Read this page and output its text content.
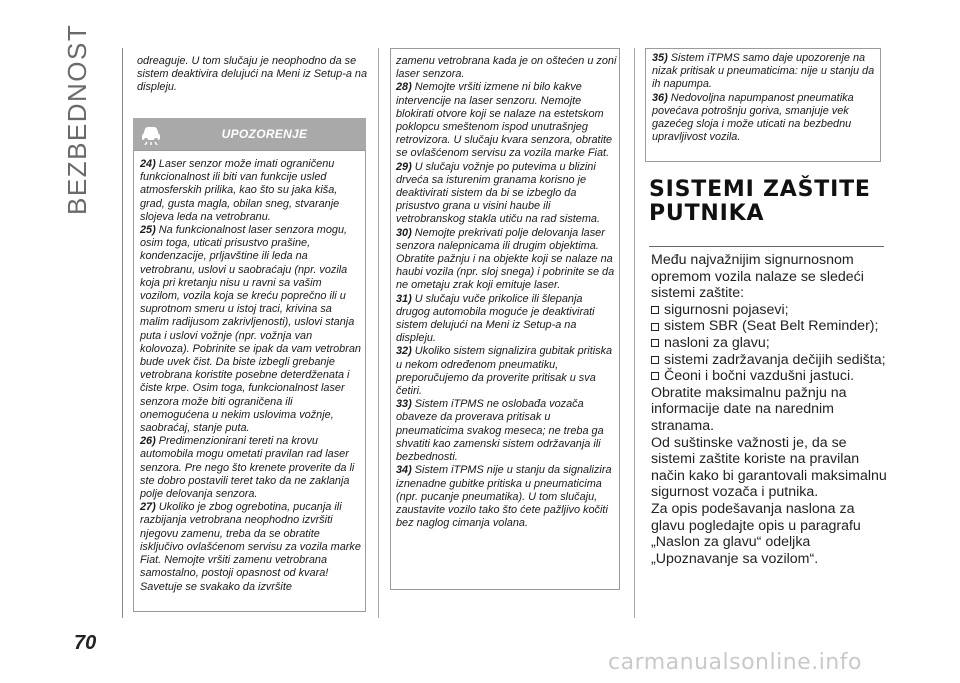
BEZBEDNOST
70
odreaguje. U tom slučaju je neophodno da se sistem deaktivira delujući na Meni iz Setup-a na displeju.
UPOZORENJE

24) Laser senzor može imati ograničenu funkcionalnost ili biti van funkcije usled atmosferskih prilika, kao što su jaka kiša, grad, gusta magla, obilan sneg, stvaranje slojeva leda na vetrobranu.

25) Na funkcionalnost laser senzora mogu, osim toga, uticati prisustvo prašine, kondenzacije, prljavštine ili leda na vetrobranu, uslovi u saobraćaju (npr. vozila koja pri kretanju nisu u ravni sa vašim vozilom, vozila koja se kreću poprečno ili u suprotnom smeru u istoj traci, krivina sa malim radijusom zakrivljenosti), uslovi stanja puta i uslovi vožnje (npr. vožnja van kolovoza). Pobrinite se ipak da vam vetrobran bude uvek čist. Da biste izbegli grebanje vetrobrana koristite posebne deterdženata i čiste krpe. Osim toga, funkcionalnost laser senzora može biti ograničena ili onemogućena u nekim uslovima vožnje, saobraćaj, stanje puta.

26) Predimenzionirani tereti na krovu automobila mogu ometati pravilan rad laser senzora. Pre nego što krenete proverite da li ste dobro postavili teret tako da ne zaklanja polje delovanja senzora.

27) Ukoliko je zbog ogrebotina, pucanja ili razbijanja vetrobrana neophodno izvršiti njegovu zamenu, treba da se obratite isključivo ovlašćenom servisu za vozila marke Fiat. Nemojte vršiti zamenu vetrobrana samostalno, postoji opasnost od kvara! Savetuje se svakako da izvršite

zamenu vetrobrana kada je on oštećen u zoni laser senzora.

28) Nemojte vršiti izmene ni bilo kakve intervencije na laser senzoru. Nemojte blokirati otvore koji se nalaze na estetskom poklopcu smeštenom ispod unutrašnjeg retrovizora. U slučaju kvara senzora, obratite se ovlašćenom servisu za vozila marke Fiat.

29) U slučaju vožnje po putevima u blizini drveća sa isturenim granama korisno je deaktivirati sistem da bi se izbeglo da prisustvo grana u visini haube ili vetrobranskog stakla utiču na rad sistema.

30) Nemojte prekrivati polje delovanja laser senzora nalepnicama ili drugim objektima. Obratite pažnju i na objekte koji se nalaze na haubi vozila (npr. sloj snega) i pobrinite se da ne ometaju zrak koji emituje laser.

31) U slučaju vuče prikolice ili šlepanja drugog automobila moguće je deaktivirati sistem delujući na Meni iz Setup-a na displeju.

32) Ukoliko sistem signalizira gubitak pritiska u nekom određenom pneumatiku, preporučujemo da proverite pritisak u sva četiri.

33) Sistem iTPMS ne oslobađa vozača obaveze da proverava pritisak u pneumaticima svakog meseca; ne treba ga shvatiti kao zamenski sistem održavanja ili bezbednosti.

34) Sistem iTPMS nije u stanju da signalizira iznenadne gubitke pritiska u pneumaticima (npr. pucanje pneumatika). U tom slučaju, zaustavite vozilo tako što ćete pažljivo kočiti bez naglog cimanja volana.

35) Sistem iTPMS samo daje upozorenje na nizak pritisak u pneumaticima: nije u stanju da ih napumpa.

36) Nedovoljna napumpanost pneumatika povećava potrošnju goriva, smanjuje vek gazećeg sloja i može uticati na bezbednu upravljivost vozila.

SISTEMI ZAŠTITE
PUTNIKA
Među najvažnijim signurnosnom opremom vozila nalaze se sledeći sistemi zaštite:
sigurnosni pojasevi;
sistem SBR (Seat Belt Reminder);
nasloni za glavu;
sistemi zadržavanja dečijih sedišta;
Čeoni i bočni vazdušni jastuci.
Obratite maksimalnu pažnju na informacije date na narednim stranama.
Od suštinske važnosti je, da se sistemi zaštite koriste na pravilan način kako bi garantovali maksimalnu sigurnost vozača i putnika.
Za opis podešavanja naslona za glavu pogledajte opis u paragrafu „Naslon za glavu“ odeljka „Upoznavanje sa vozilom“.
carmanualsonline.info
